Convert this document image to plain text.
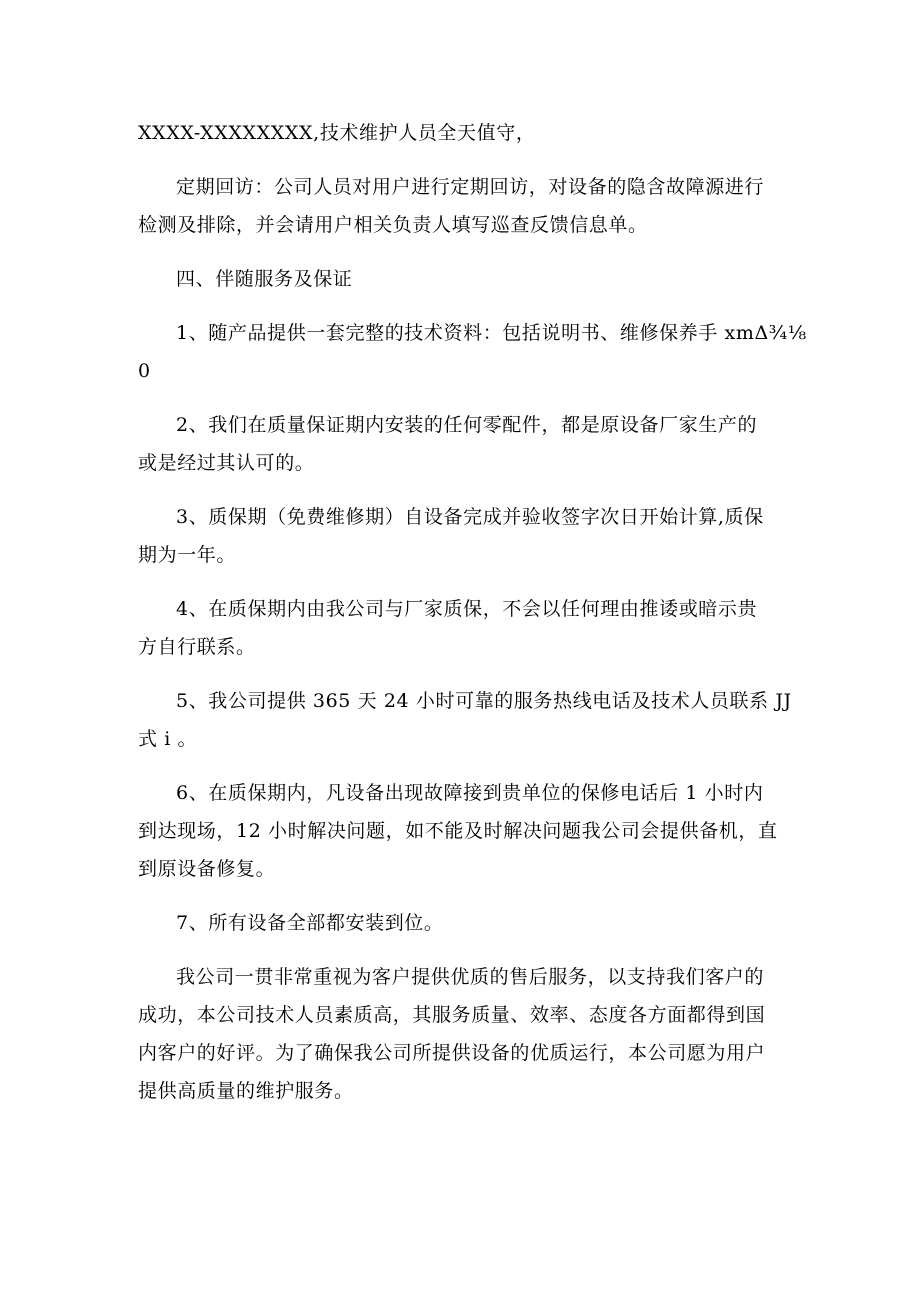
XXXX-XXXXXXXX,技术维护人员全天值守，

定期回访：公司人员对用户进行定期回访，对设备的隐含故障源进行
检测及排除，并会请用户相关负责人填写巡查反馈信息单。

四、伴随服务及保证

1、随产品提供一套完整的技术资料：包括说明书、维修保养手 xmΔ¾⅛
0

2、我们在质量保证期内安装的任何零配件，都是原设备厂家生产的
或是经过其认可的。

3、质保期（免费维修期）自设备完成并验收签字次日开始计算,质保
期为一年。

4、在质保期内由我公司与厂家质保，不会以任何理由推诿或暗示贵
方自行联系。

5、我公司提供 365 天 24 小时可靠的服务热线电话及技术人员联系 JJ
式 i 。

6、在质保期内，凡设备出现故障接到贵单位的保修电话后 1 小时内
到达现场，12 小时解决问题，如不能及时解决问题我公司会提供备机，直
到原设备修复。

7、所有设备全部都安装到位。

我公司一贯非常重视为客户提供优质的售后服务，以支持我们客户的
成功，本公司技术人员素质高，其服务质量、效率、态度各方面都得到国
内客户的好评。为了确保我公司所提供设备的优质运行，本公司愿为用户
提供高质量的维护服务。
